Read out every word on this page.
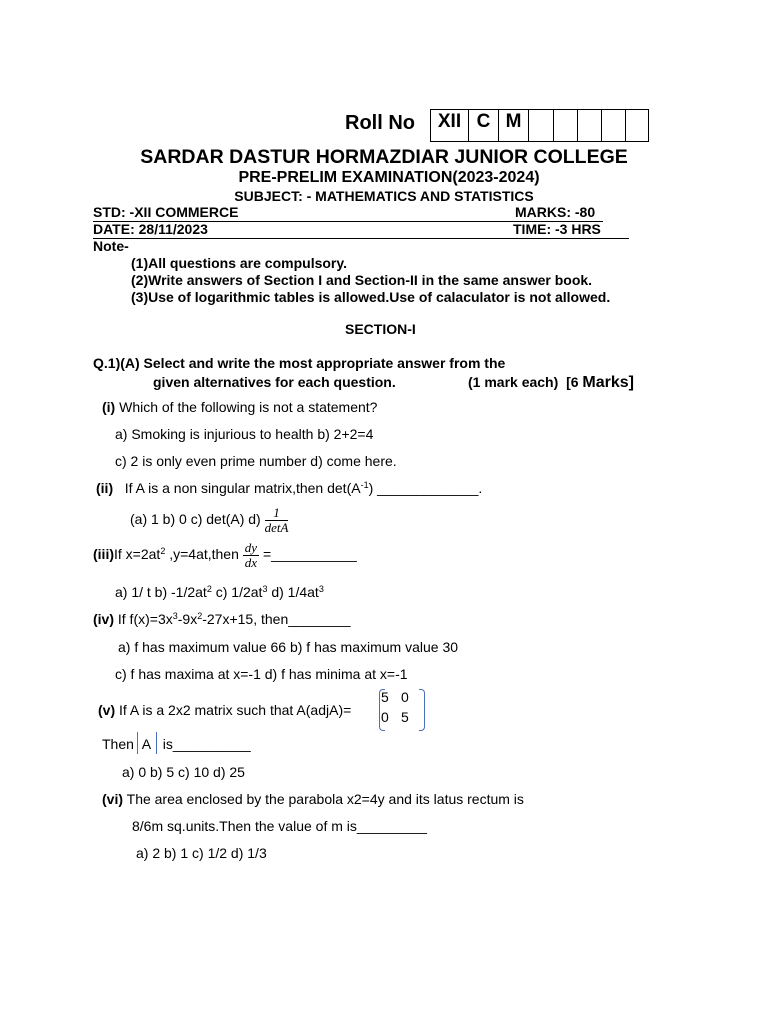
Roll No	XII C M
SARDAR DASTUR HORMAZDIAR JUNIOR COLLEGE
PRE-PRELIM EXAMINATION(2023-2024)
SUBJECT: - MATHEMATICS AND STATISTICS
STD: -XII COMMERCE	MARKS: -80
DATE: 28/11/2023	TIME: -3 HRS
Note-
(1)All questions are compulsory.
(2)Write answers of Section I and Section-II in the same answer book.
(3)Use of logarithmic tables is allowed.Use of calaculator is not allowed.
SECTION-I
Q.1)(A) Select and write the most appropriate answer from the
given alternatives for each question.	(1 mark each) [6 Marks]
(i) Which of the following is not a statement?
a) Smoking is injurious to health b) 2+2=4
c) 2 is only even prime number d) come here.
(ii) If A is a non singular matrix,then $\det(A^{-1})$ _____________.
(a) 1 b) 0 c) det(A) $d) \frac{1}{\det A}$
(iii)If $x=2at^2$ ,y=4at,then $\frac{dy}{dx}$ =___________
a) 1/ t b) $-1/2at^2$ c) $1/2at^3$ d) $1/4at^3$
(iv) If $f(x)=3x^3-9x^2-27x+15$, then________
a) f has maximum value 66 b) f has maximum value 30
c) f has maxima at x=-1 d) f has minima at x=-1
(v) If A is a 2x2 matrix such that A(adjA)=
5 0
0 5
Then A is__________
a) 0 b) 5 c) 10 d) 25
(vi) The area enclosed by the parabola x2=4y and its latus rectum is
8/6m sq.units.Then the value of m is_________
a) 2 b) 1 c) 1/2 d) 1/3
